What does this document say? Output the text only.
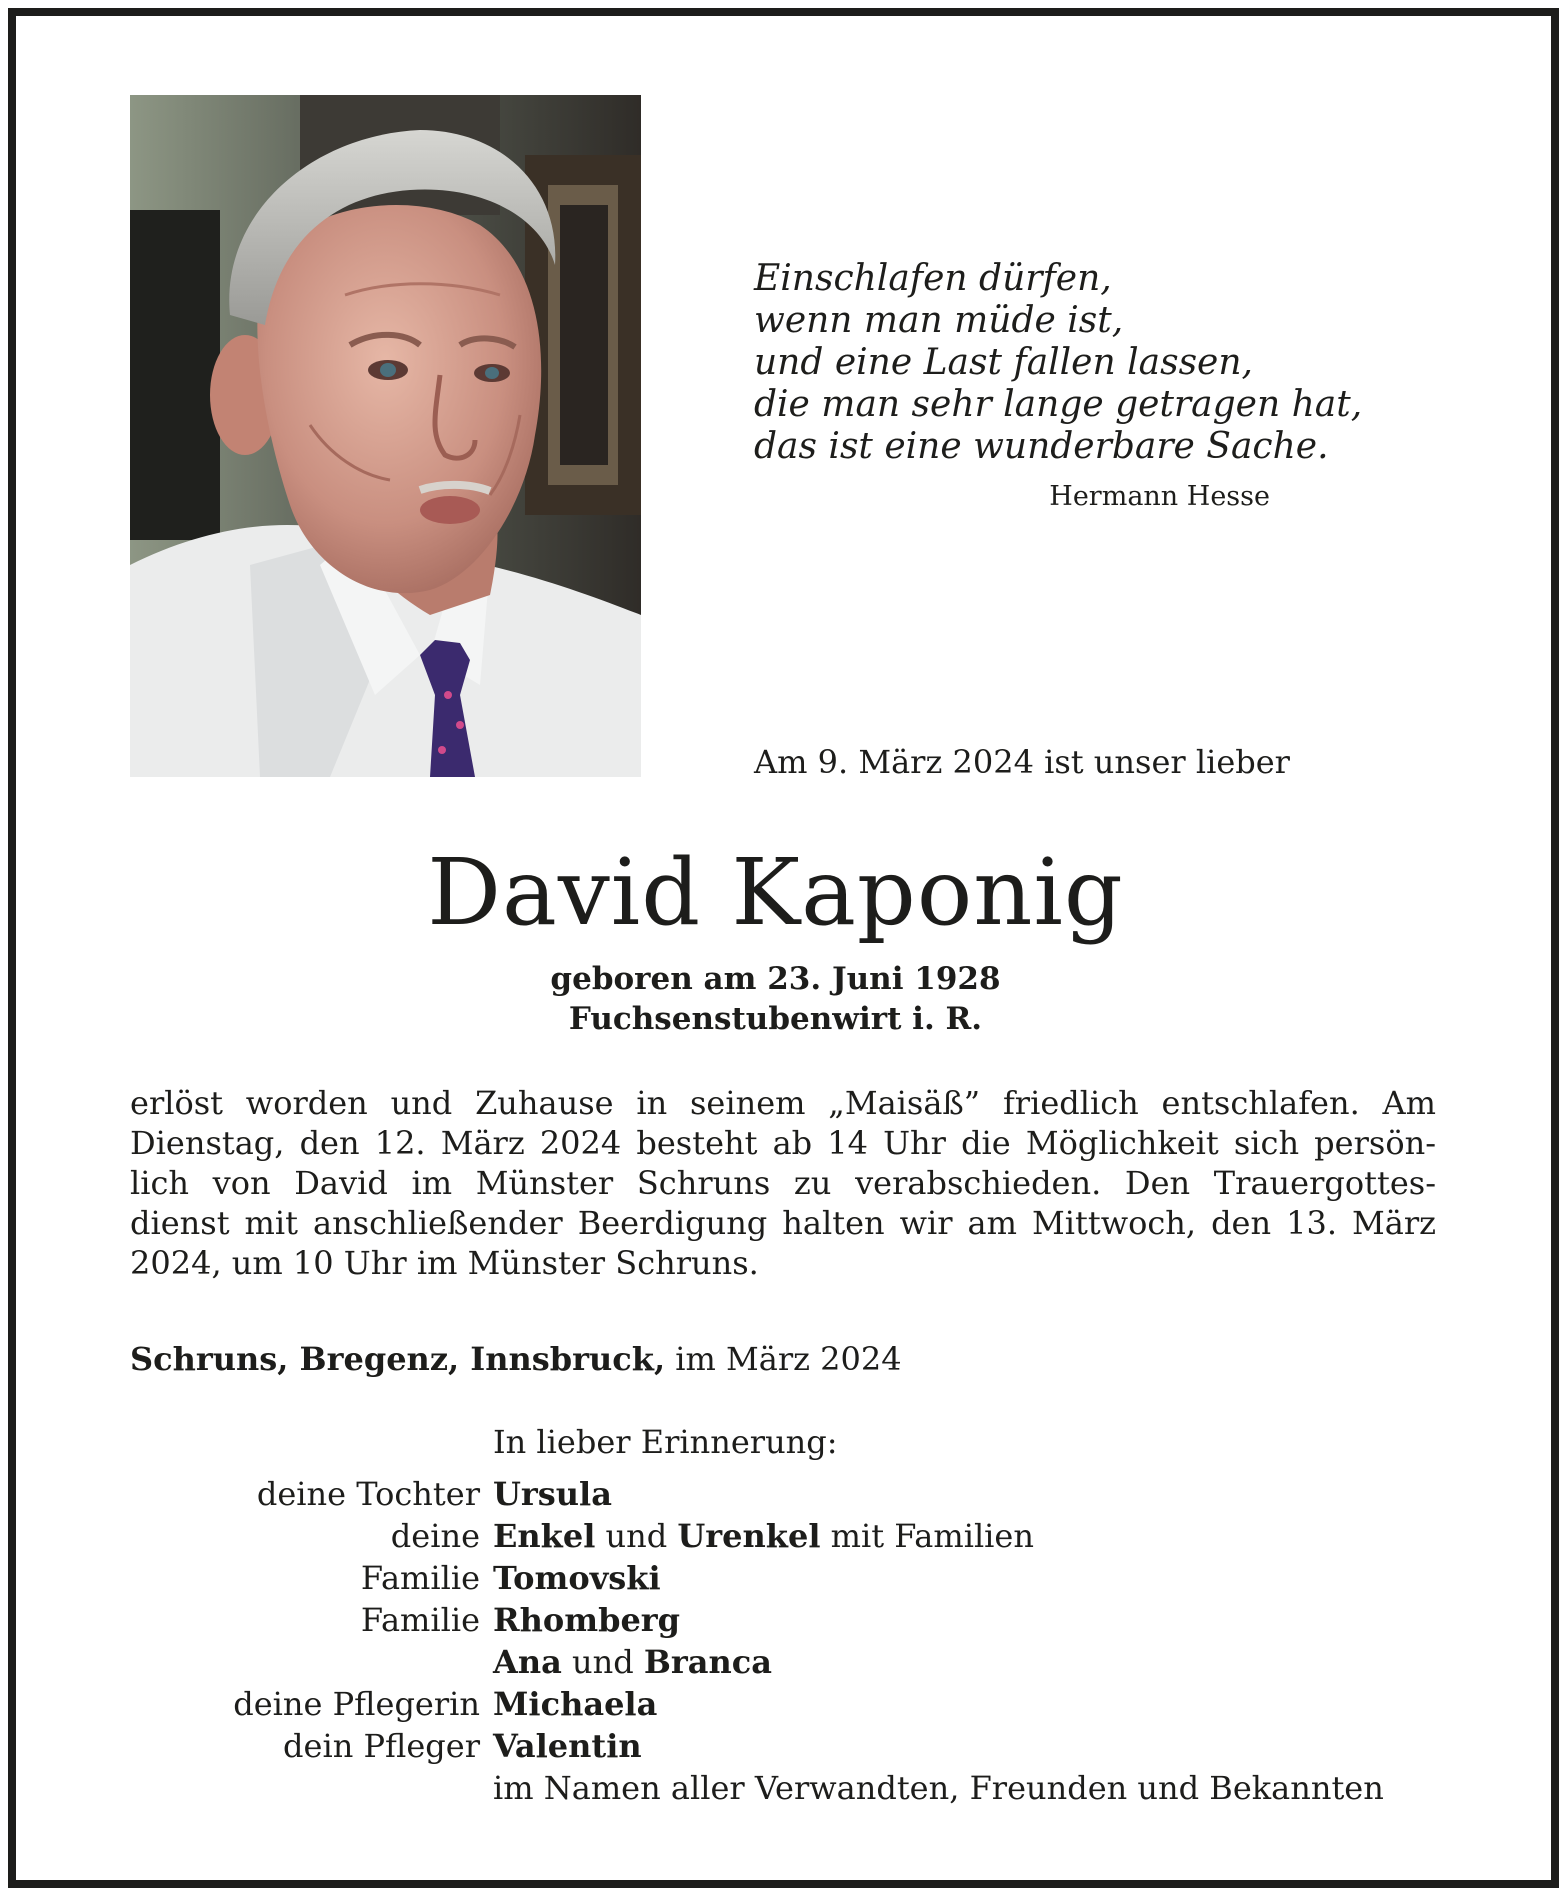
Einschlafen dürfen,
wenn man müde ist,
und eine Last fallen lassen,
die man sehr lange getragen hat,
das ist eine wunderbare Sache.
Hermann Hesse
Am 9. März 2024 ist unser lieber
David Kaponig
geboren am 23. Juni 1928
Fuchsenstubenwirt i. R.
erlöst worden und Zuhause in seinem „Maisäß” friedlich entschlafen. Am
Dienstag, den 12. März 2024 besteht ab 14 Uhr die Möglichkeit sich persön-
lich von David im Münster Schruns zu verabschieden. Den Trauergottes-
dienst mit anschließender Beerdigung halten wir am Mittwoch, den 13. März
2024, um 10 Uhr im Münster Schruns.
Schruns, Bregenz, Innsbruck, im März 2024
In lieber Erinnerung:
deine Tochter Ursula
deine Enkel und Urenkel mit Familien
Familie Tomovski
Familie Rhomberg
Ana und Branca
deine Pflegerin Michaela
dein Pfleger Valentin
im Namen aller Verwandten, Freunden und Bekannten
